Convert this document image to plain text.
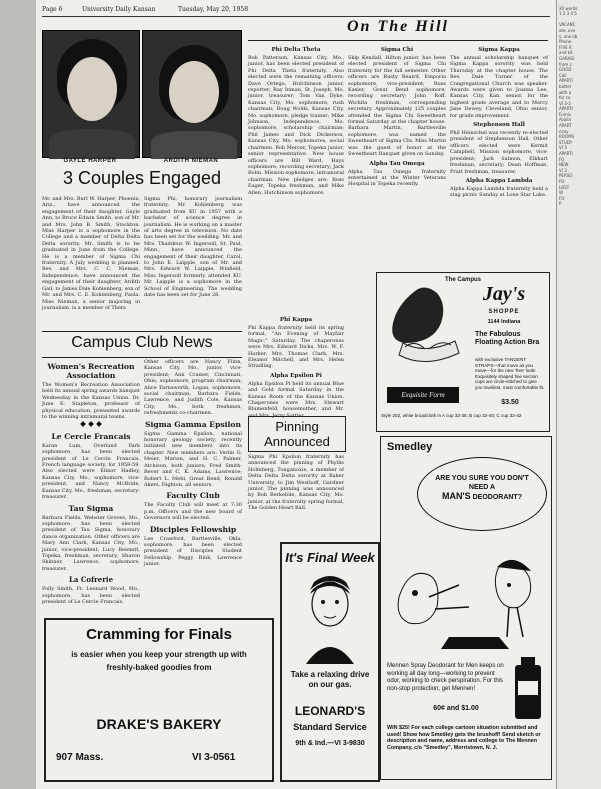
Page 6	University Daily Kansan	Tuesday, May 20, 1958
GAYLE HARPER	ARDITH NIEMAN
3 Couples Engaged

Mr. and Mrs. Burl W. Harper, Phoenix, Ariz., have announced the engagement of their daughter, Gayle Ann, to Bruce Edwin Smith, son of Mr. and Mrs. John B. Smith, Stockton. Miss Harper is a sophomore in the College and a member of Delta Delta Delta sorority. Mr. Smith is to be graduated in June from the College. He is a member of Sigma Chi fraternity. A July wedding is planned. Rev. and Mrs. C. C. Nieman, Independence, have announced the engagement of their daughter, Ardith Gail, to James Dale Kohlenberg, son of Mr. and Mrs. C. E. Kohlenberg, Paola. Miss Nieman, a senior majoring in journalism, is a member of Theta

Sigma Phi, honorary journalism fraternity. Mr. Kohlenberg was graduated from KU in 1957 with a bachelor of science degree in journalism. He is working on a master of arts degree in television. No date has been set for the wedding. Mr. and Mrs. Thaddeus W. Ingersoll, St. Paul, Minn., have announced the engagement of their daughter, Carol, to John E. Laipple, son of Mr. and Mrs. Edward W. Laipple, Winfield. Miss Ingersoll formerly attended KU. Mr. Laipple is a sophomore in the School of Engineering. The wedding date has been set for June 28.

Campus Club News
Women's Recreation Association

The Women's Recreation Association held its annual spring awards banquet Wednesday in the Kansas Union. Dr. June E. Stapleton, professor of physical education, presented awards to the winning intramural teams.

Le Cercle Francais

Karan Lum, Overland Park sophomore, has been elected president of Le Cercle Francais, French language society, for 1958-59. Also elected were Elinor Hadley, Kansas City, Mo., sophomore, vice-president, and Nancy McBride, Kansas City, Mo., freshman, secretary-treasurer.

Tau Sigma

Barbara Fields, Webster Groves, Mo., sophomore, has been elected president of Tau Sigma, honorary dance organization. Other officers are Mary Ann Clark, Kansas City, Mo., junior, vice-president; Lucy Bennett, Topeka, freshman, secretary; Sharon Skinner, Lawrence, sophomore, treasurer.

La Cofrerie

Polly Smith, Ft. Leonard Wood, Mo., sophomore, has been elected president of Le Cercle Francais.

Other officers are Nancy Flinn, Kansas City, Mo., junior, vice-president; Ann Cramer, Cincinnati, Ohio, sophomore, program chairman; Alice Farnsworth, Logan, sophomore, social chairman; Barbara Fields, Lawrence, and Judith Cole, Kansas City, Mo., both freshmen, refreshments co-chairmen.

Sigma Gamma Epsilon

Sigma Gamma Epsilon, national honorary geology society, recently initiated new members into its chapter. New members are: Verlin G. Meier, Marion, and H. C. Palmer, Atchison, both juniors; Fred Smith-Bever and C. K. Adams, Lawrence; Robert L. Mehl, Great Bend, Ronald Akers, Dighton, all seniors.

Faculty Club

The Faculty Club will meet at 7:30 p.m. Officers and the new board of Governors will be elected.

Disciples Fellowship

Lee Crawford, Bartlesville, Okla. sophomore, has been elected president of Disciples Student Fellowship. Peggy Rink, Lawrence junior.

Cramming for Finals
is easier when you keep your strength up with freshly-baked goodies from
DRAKE'S BAKERY
907 Mass.	VI 3-0561
On The Hill
Phi Delta Theta

Bob Patterson, Kansas City, Mo., junior, has been elected president of Phi Delta Theta fraternity. Also elected were the remaining officers: Dave Ortego, Hutchinson junior, reporter; Ray Inman, St. Joseph, Mo. junior, treasurer; Tom Van Dyke, Kansas City, Mo. sophomore, rush chairman; Doug Wolds, Kansas City, Mo. sophomore, pledge trainer; Mike Johnson, Independence, Mo. sophomore, scholarship chairman; Phil James and Dick Dickerson, Kansas City, Mo. sophomores, social chairmen. Bob Mercer, Topeka junior, senior representative. New house officers are Bill Ward, Hays sophomore, recording secretary; Jack Bolin, Mission sophomore, intramural chairman. New pledges are: Ross Eager, Topeka freshman, and Mike Allen, Hutchinson sophomore.

Sigma Chi

Skip Kendall, Hilton junior, has been elected president of Sigma Chi fraternity for the fall semester. Other officers are Rusty Beaird, Emporia sophomore, vice-president; Russ Kasler, Great Bend sophomore, recording secretary; John Roff, Wichita freshman, corresponding secretary. Approximately 125 couples attended the Sigma Chi Sweetheart formal Saturday at the chapter house. Barbara Martin, Bartlesville sophomore, was named the Sweetheart of Sigma Chi. Miss Martin was the guest of honor at the Sweetheart Banquet given on Sunday.

Alpha Tau Omega

Alpha Tau Omega fraternity entertained at the Winter Veterans Hospital in Topeka recently.

Sigma Kappa

The annual scholarship banquet of Sigma Kappa sorority was held Thursday at the chapter house. The Rev. Dale Turner of the Congregational Church was speaker. Awards were given to Joanna Lee, Kansas City, Kan. senior, for the highest grade average and to Mercy Jane Dewey, Cleveland, Ohio senior, for grade improvement.

Stephenson Hall

Phil Heinzchel was recently re-elected president of Stephenson Hall. Other officers elected were Kermit Campbell, Mission sophomore, vice-president; Jack Salmon, Elkhart freshman, secretary; Dean Hoffman, Pratt freshman, treasurer.

Alpha Kappa Lambda

Alpha Kappa Lambda fraternity held a stag picnic Sunday at Lone Star Lake.

Phi Kappa

Phi Kappa fraternity held its spring formal, "An Evening of Mayfair Magic," Saturday. The chaperones were Mrs. Edward Dicks, Mrs. W. F. Harker, Mrs. Thomas Clark, Mrs. Eleanor Mitchell, and Mrs. Helen Stradling.

Alpha Epsilon Pi

Alpha Epsilon Pi held its annual Blue and Gold formal Saturday in the Kansas Room of the Kansas Union. Chaperones were Mrs. Stewart Blumenfeld, housemother, and Mr. and Mrs. Jerry Sattler.

Pinning Announced

Sigma Phi Epsilon fraternity has announced the pinning of Phyllis Holmberg, Tonganoxie, a member of Delta Delta Delta sorority at Baker University, to Jim Westhoff, Gardner junior. The pinning was announced by Bob Berkebile, Kansas City, Mo. junior, at the fraternity spring formal, The Golden Heart Ball.

The Campus
Jay's
SHOPPE
1144 Indiana
The Fabulous Floating Action Bra
with exclusive TANGENT STRAPS—that move as you move—for the new 'free' look! Exquisitely shaped fine section cups are circle-stitched to give you loveliest, most comfortable fit.
$3.50
Exquisite Form
Style 202, white broadcloth in A cup 32-36; B cup 32-40; C cup 32-42
It's Final Week
Take a relaxing drive on our gas.
LEONARD'S
Standard Service
9th & Ind.—VI 3-9830
Smedley
ARE YOU SURE YOU DON'T NEED A
MAN'S DEODORANT?
Mennen Spray Deodorant for Men keeps on working all day long—working to prevent odor, working to check perspiration. For this non-stop protection, get Mennen!
60¢ and $1.00
WIN $25! For each college cartoon situation submitted and used! Show how Smedley gets the brushoff! Send sketch or description and name, address and college to The Mennen Company, c/o "Smedley", Morristown, N. J.

20 words

1 2 3 4 5

VACANC

ate, ove

s, one ob

Phone

FIVE R

and kit

GARAGI

from c

GOOD

Call

APARTI

batter

with a

for co

VI 3-3

APARTI

Furnis

Availa

APART

cony

ROOMS

STUDY

VI 3

APARTI

FO

NEW

VI 3

PERSO

FO

LOST

W

FO

P
